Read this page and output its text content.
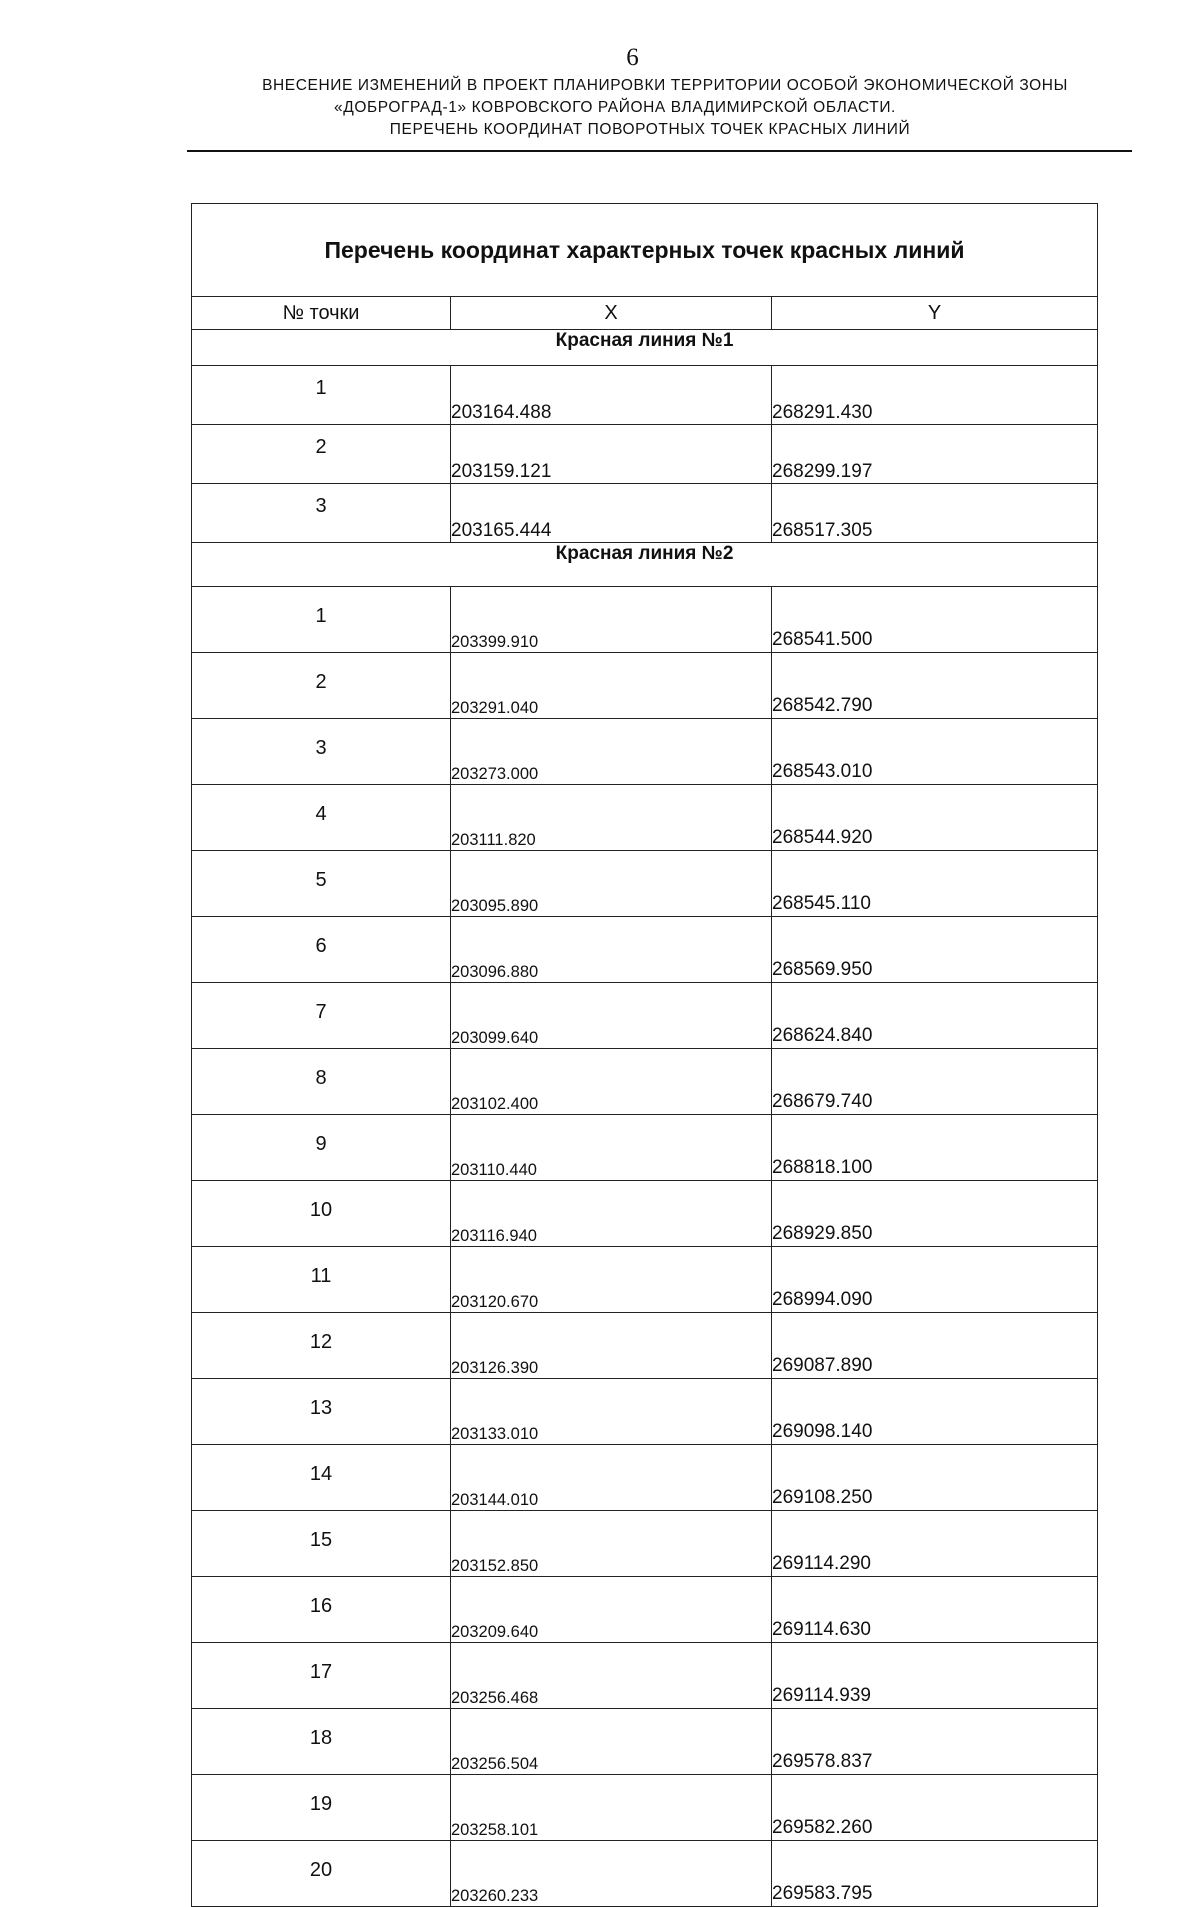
6
ВНЕСЕНИЕ ИЗМЕНЕНИЙ В ПРОЕКТ ПЛАНИРОВКИ ТЕРРИТОРИИ ОСОБОЙ ЭКОНОМИЧЕСКОЙ ЗОНЫ
«ДОБРОГРАД-1» КОВРОВСКОГО РАЙОНА ВЛАДИМИРСКОЙ ОБЛАСТИ.
ПЕРЕЧЕНЬ КООРДИНАТ ПОВОРОТНЫХ ТОЧЕК КРАСНЫХ ЛИНИЙ
Перечень координат характерных точек красных линий		
№ точки	X	Y
Красная линия №1		
1	203164.488	268291.430
2	203159.121	268299.197
3	203165.444	268517.305
Красная линия №2		
1	203399.910	268541.500
2	203291.040	268542.790
3	203273.000	268543.010
4	203111.820	268544.920
5	203095.890	268545.110
6	203096.880	268569.950
7	203099.640	268624.840
8	203102.400	268679.740
9	203110.440	268818.100
10	203116.940	268929.850
11	203120.670	268994.090
12	203126.390	269087.890
13	203133.010	269098.140
14	203144.010	269108.250
15	203152.850	269114.290
16	203209.640	269114.630
17	203256.468	269114.939
18	203256.504	269578.837
19	203258.101	269582.260
20	203260.233	269583.795
